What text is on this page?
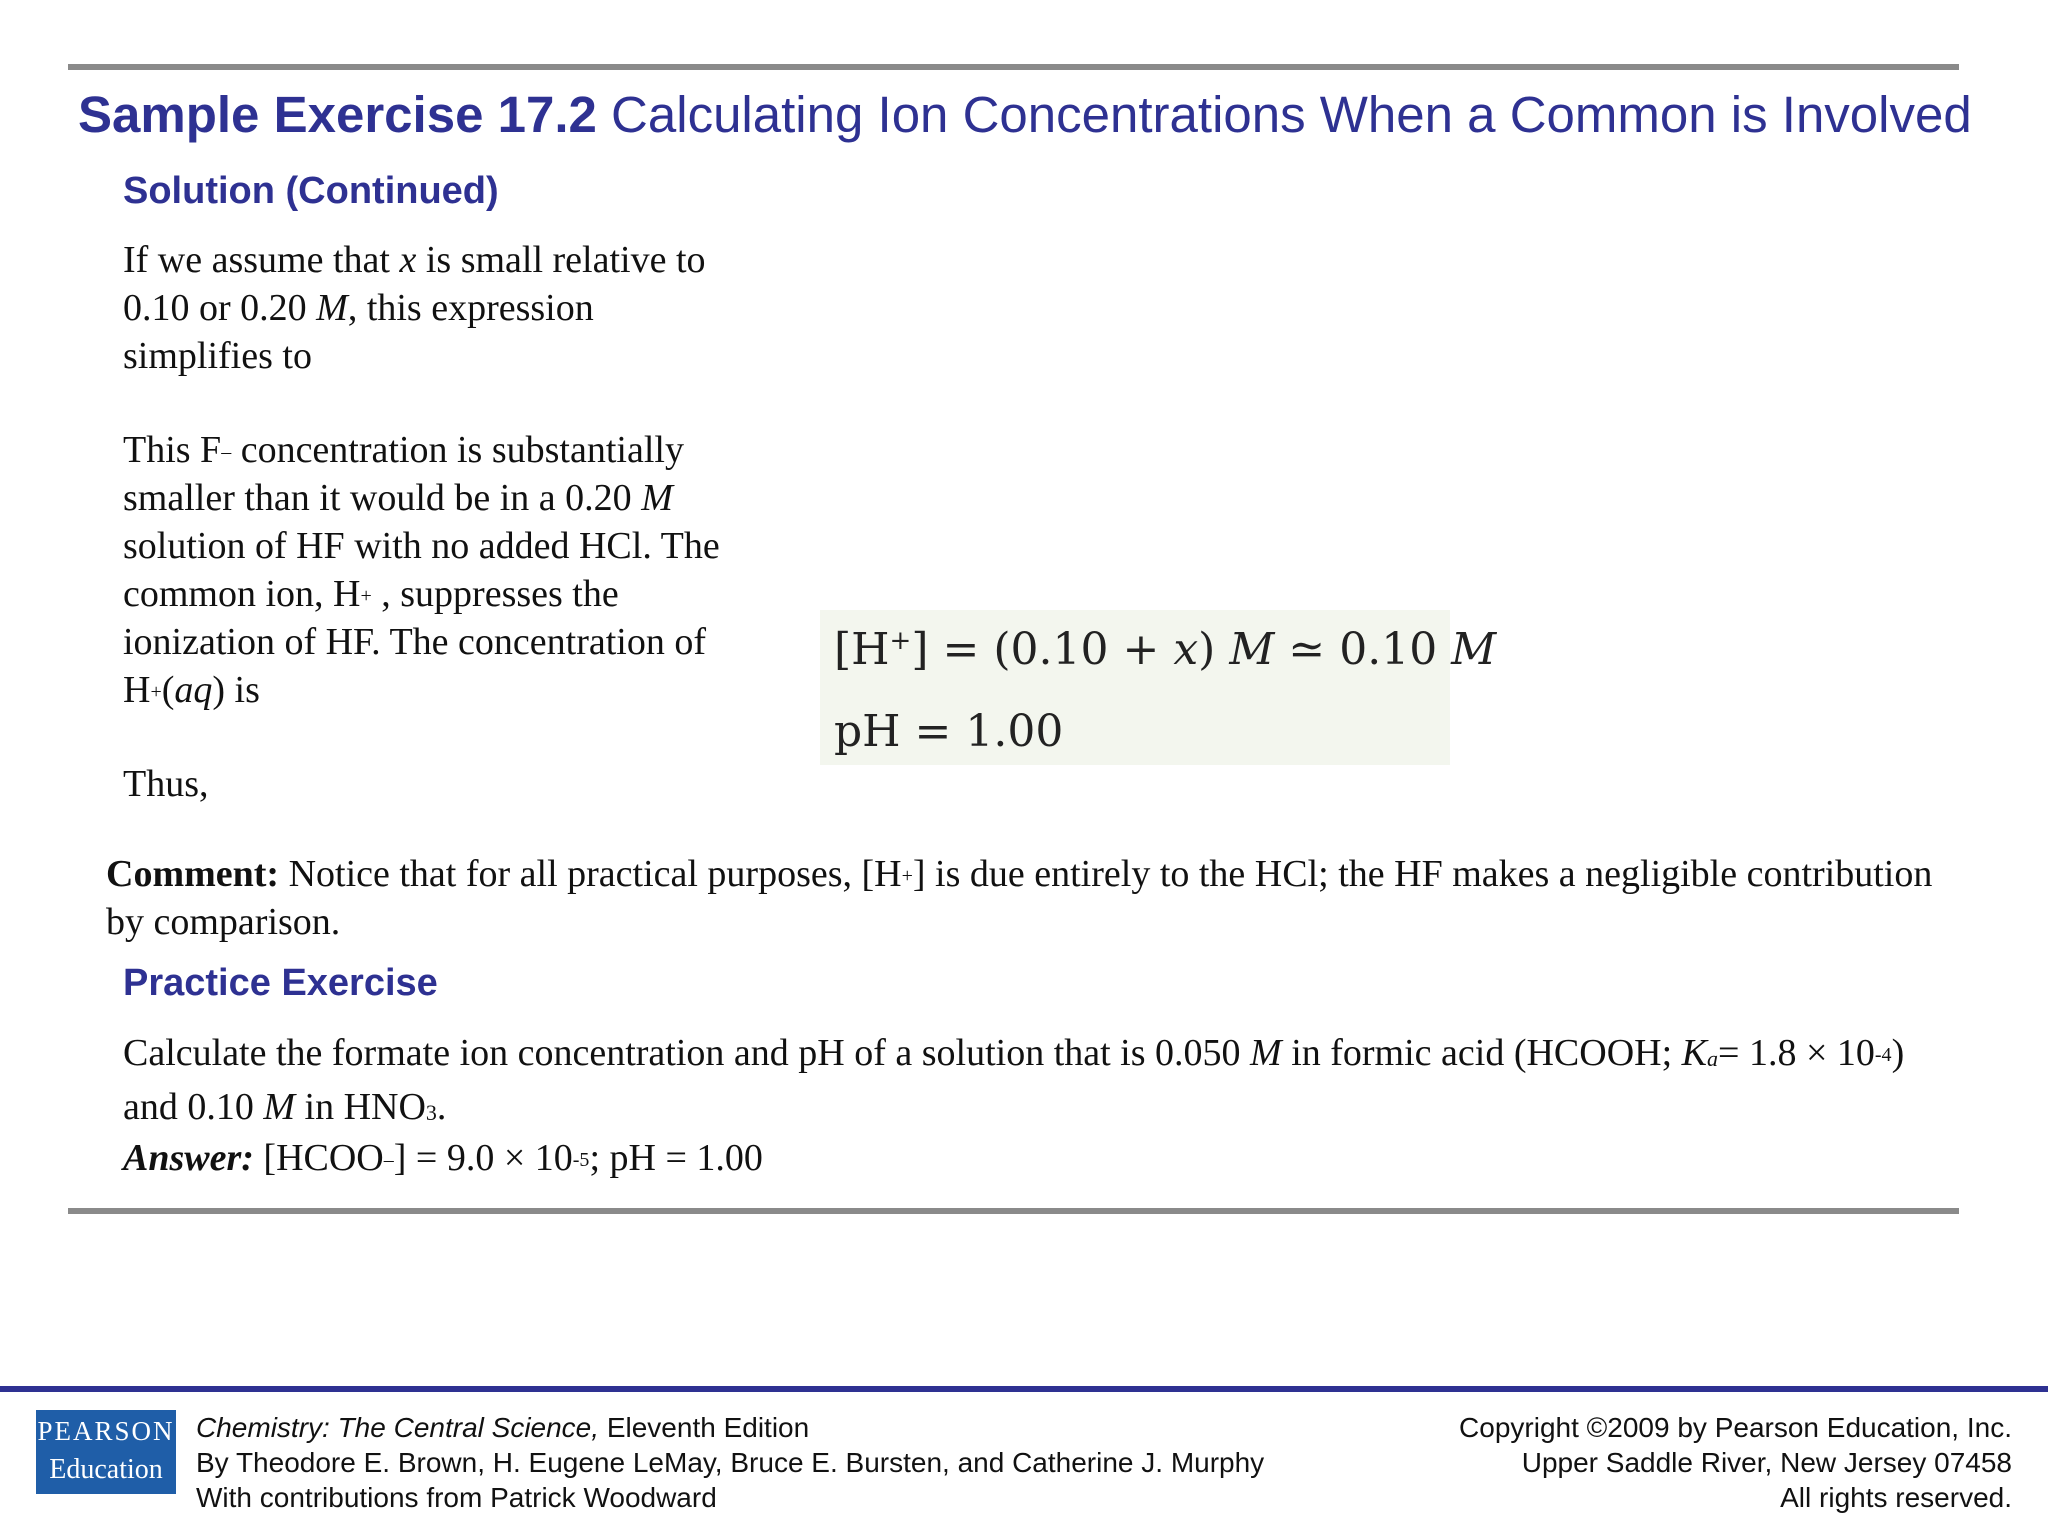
Sample Exercise 17.2 Calculating Ion Concentrations When a Common is Involved
Solution (Continued)
If we assume that x is small relative to 0.10 or 0.20 M, this expression simplifies to
This F– concentration is substantially smaller than it would be in a 0.20 M solution of HF with no added HCl. The common ion, H+ , suppresses the ionization of HF. The concentration of H+(aq) is
Thus,
[H+] = (0.10 + x) M ≃ 0.10 M
pH = 1.00
Comment: Notice that for all practical purposes, [H+] is due entirely to the HCl; the HF makes a negligible contribution by comparison.
Practice Exercise
Calculate the formate ion concentration and pH of a solution that is 0.050 M in formic acid (HCOOH; $K_a= 1.8 \times 10^{-4}$) and 0.10 M in $HNO_3$.
Answer: [HCOO–] = $9.0 \times 10^{-5}$; pH = 1.00
PEARSON
Education
Chemistry: The Central Science, Eleventh Edition
By Theodore E. Brown, H. Eugene LeMay, Bruce E. Bursten, and Catherine J. Murphy
With contributions from Patrick Woodward
Copyright ©2009 by Pearson Education, Inc.
Upper Saddle River, New Jersey 07458
All rights reserved.
